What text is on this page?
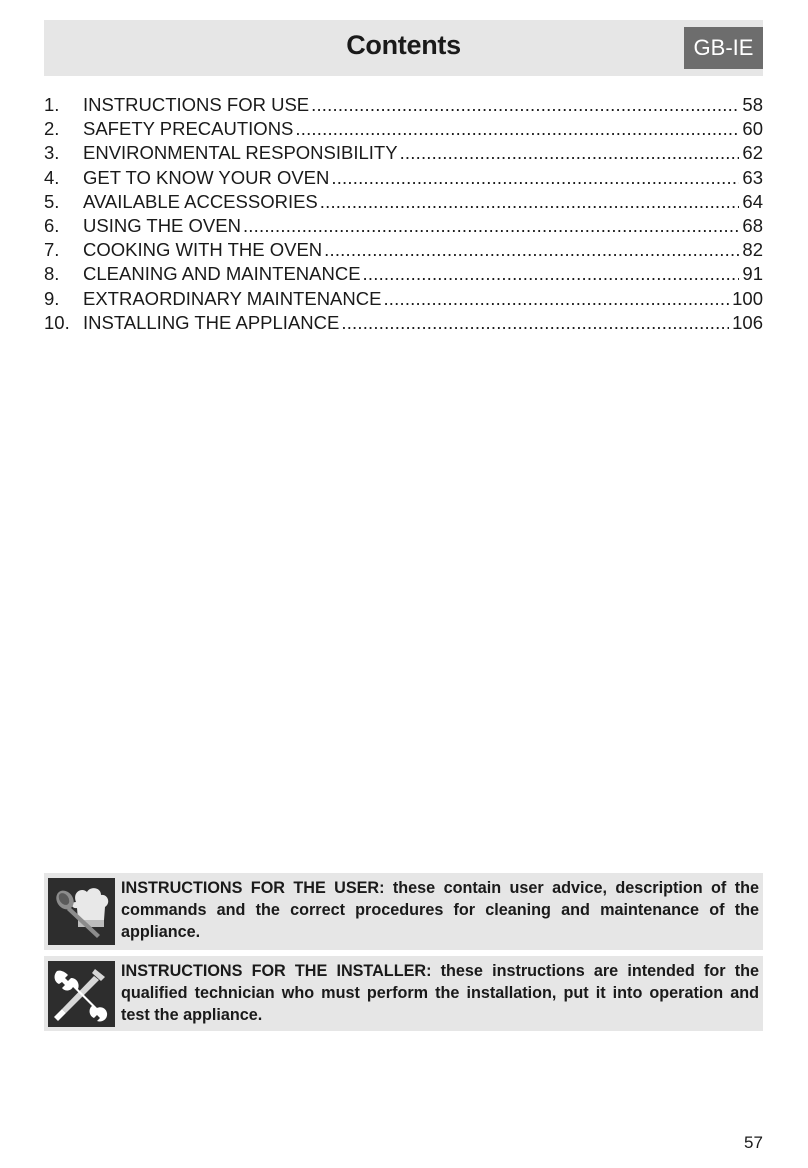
Contents	GB-IE
1.	INSTRUCTIONS FOR USE .....	58
2.	SAFETY PRECAUTIONS .....	60
3.	ENVIRONMENTAL RESPONSIBILITY .....	62
4.	GET TO KNOW YOUR OVEN .....	63
5.	AVAILABLE ACCESSORIES .....	64
6.	USING THE OVEN .....	68
7.	COOKING WITH THE OVEN .....	82
8.	CLEANING AND MAINTENANCE .....	91
9.	EXTRAORDINARY MAINTENANCE .....	100
10. INSTALLING THE APPLIANCE .....	106
INSTRUCTIONS FOR THE USER: these contain user advice, description of the commands and the correct procedures for cleaning and maintenance of the appliance.
INSTRUCTIONS FOR THE INSTALLER: these instructions are intended for the qualified technician who must perform the installation, put it into operation and test the appliance.
57
